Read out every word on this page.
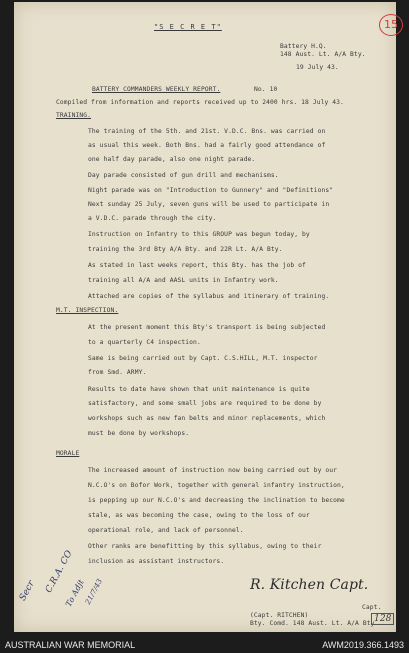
15
"S E C R E T"
Battery H.Q.
148 Aust. Lt. A/A Bty.
19 July 43.
BATTERY COMMANDERS WEEKLY REPORT.	No. 10
Compiled from information and reports received up to 2400 hrs. 18 July 43.
TRAINING.
The training of the 5th. and 21st. V.D.C. Bns. was carried on
as usual this week. Both Bns. had a fairly good attendance of
one half day parade, also one night parade.
Day parade consisted of gun drill and mechanisms.
Night parade was on "Introduction to Gunnery" and "Definitions"
Next sunday 25 July, seven guns will be used to participate in
a V.D.C. parade through the city.
Instruction on Infantry to this GROUP was begun today, by
training the 3rd Bty A/A Bty. and 22R Lt. A/A Bty.
As stated in last weeks report, this Bty. has the job of
training all A/A and AASL units in Infantry work.
Attached are copies of the syllabus and itinerary of training.
M.T. INSPECTION.
At the present moment this Bty's transport is being subjected
to a quarterly C4 inspection.
Same is being carried out by Capt. C.S.HILL, M.T. inspector
from Smd. ARMY.
Results to date have shown that unit maintenance is quite
satisfactory, and some small jobs are required to be done by
workshops such as new fan belts and minor replacements, which
must be done by workshops.
MORALE
The increased amount of instruction now being carried out by our
N.C.O's on Bofor Work, together with general infantry instruction,
is pepping up our N.C.O's and decreasing the inclination to become
stale, as was becoming the case, owing to the loss of our
operational role, and lack of personnel.
Other ranks are benefitting by this syllabus, owing to their
inclusion as assistant instructors.
Secr C.R.A. CO
To Adjt
21/7/43	R. Kitchen Capt.
Capt.
(Capt. RITCHEN)
Bty. Comd. 148 Aust. Lt. A/A Bty.
128
AUSTRALIAN WAR MEMORIAL	AWM2019.366.1493
